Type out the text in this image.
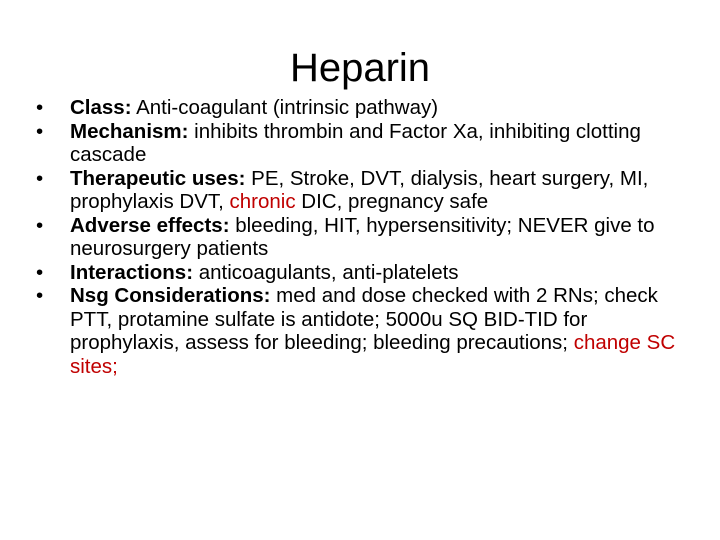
Heparin
•	Class: Anti-coagulant (intrinsic pathway)
•	Mechanism: inhibits thrombin and Factor Xa, inhibiting clotting cascade
•	Therapeutic uses: PE, Stroke, DVT, dialysis, heart surgery, MI, prophylaxis DVT, chronic DIC, pregnancy safe
•	Adverse effects: bleeding, HIT, hypersensitivity; NEVER give to neurosurgery patients
•	Interactions: anticoagulants, anti-platelets
•	Nsg Considerations: med and dose checked with 2 RNs; check PTT, protamine sulfate is antidote; 5000u SQ BID-TID for prophylaxis, assess for bleeding; bleeding precautions; change SC sites;
